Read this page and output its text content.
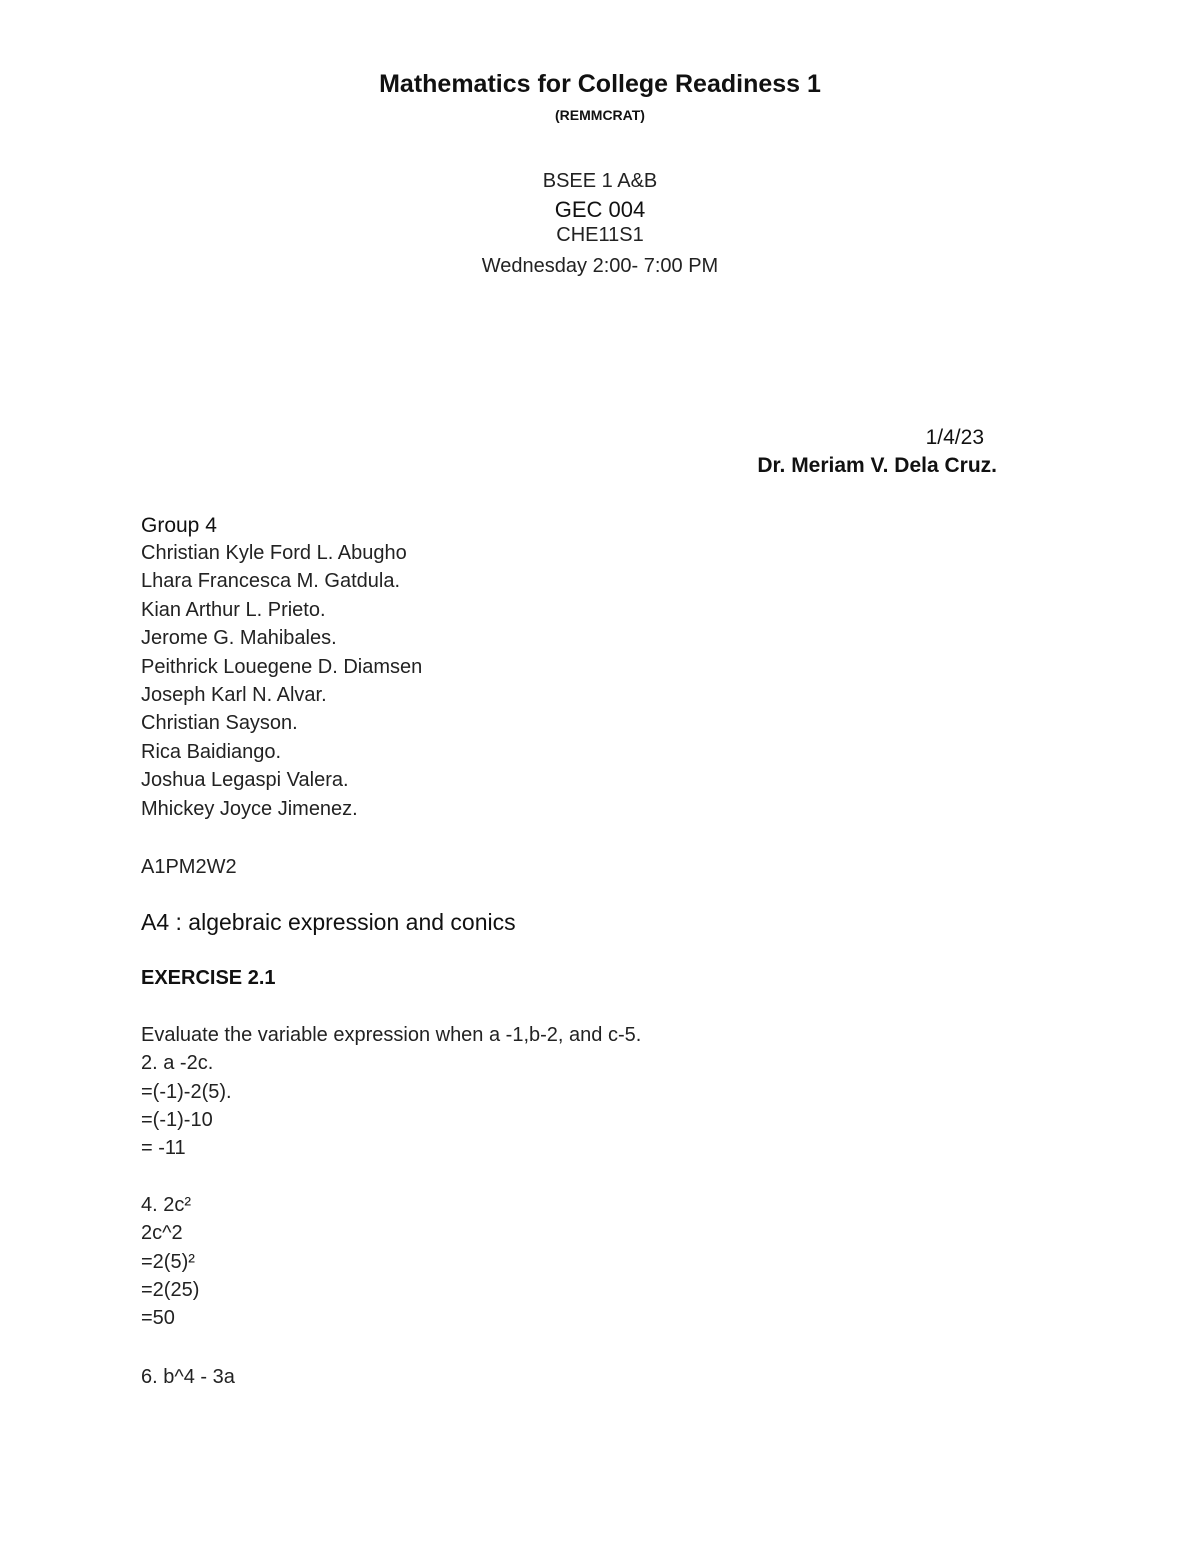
Mathematics for College Readiness 1
(REMMCRAT)
BSEE 1 A&B
GEC 004
CHE11S1
Wednesday 2:00- 7:00 PM
1/4/23
Dr. Meriam V. Dela Cruz.
Group 4
Christian Kyle Ford L. Abugho
Lhara Francesca M. Gatdula.
Kian Arthur L. Prieto.
Jerome G. Mahibales.
Peithrick Louegene D. Diamsen
Joseph Karl N. Alvar.
Christian Sayson.
Rica Baidiango.
Joshua Legaspi Valera.
Mhickey Joyce Jimenez.
A1PM2W2
A4 : algebraic expression and conics
EXERCISE 2.1
Evaluate the variable expression when a -1,b-2, and c-5.
2. a -2c.
=(-1)-2(5).
=(-1)-10
= -11
4. 2c²
2c^2
=2(5)²
=2(25)
=50
6. b^4 - 3a
